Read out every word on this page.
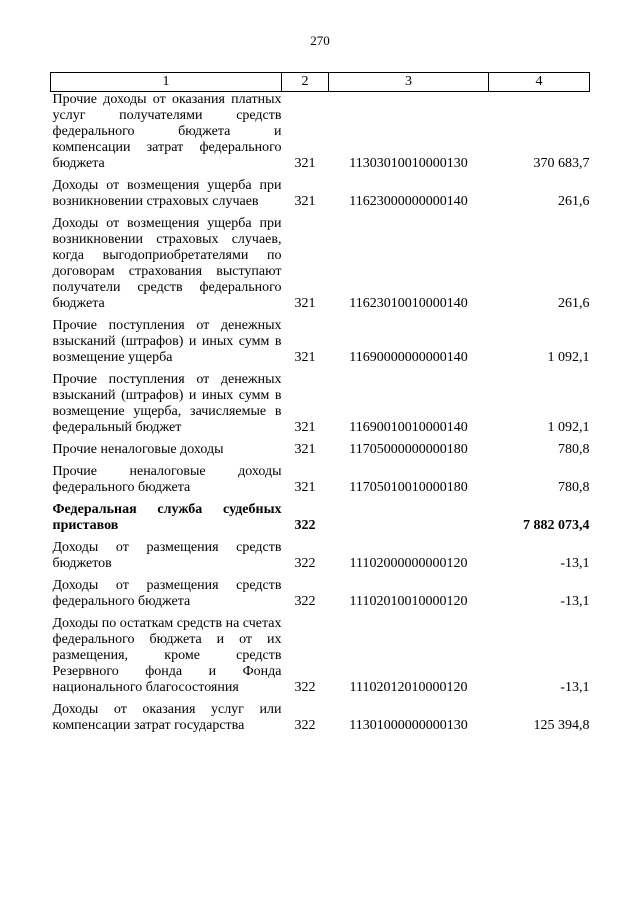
270
1	2	3	4
Прочие доходы от оказания платных услуг получателями средств федерального бюджета и компенсации затрат федерального бюджета	321	11303010010000130	370 683,7
Доходы от возмещения ущерба при возникновении страховых случаев	321	11623000000000140	261,6
Доходы от возмещения ущерба при возникновении страховых случаев, когда выгодоприобретателями по договорам страхования выступают получатели средств федерального бюджета	321	11623010010000140	261,6
Прочие поступления от денежных взысканий (штрафов) и иных сумм в возмещение ущерба	321	11690000000000140	1 092,1
Прочие поступления от денежных взысканий (штрафов) и иных сумм в возмещение ущерба, зачисляемые в федеральный бюджет	321	11690010010000140	1 092,1
Прочие неналоговые доходы	321	11705000000000180	780,8
Прочие неналоговые доходы федерального бюджета	321	11705010010000180	780,8
Федеральная служба судебных приставов	322		7 882 073,4
Доходы от размещения средств бюджетов	322	11102000000000120	-13,1
Доходы от размещения средств федерального бюджета	322	11102010010000120	-13,1
Доходы по остаткам средств на счетах федерального бюджета и от их размещения, кроме средств Резервного фонда и Фонда национального благосостояния	322	11102012010000120	-13,1
Доходы от оказания услуг или компенсации затрат государства	322	11301000000000130	125 394,8
